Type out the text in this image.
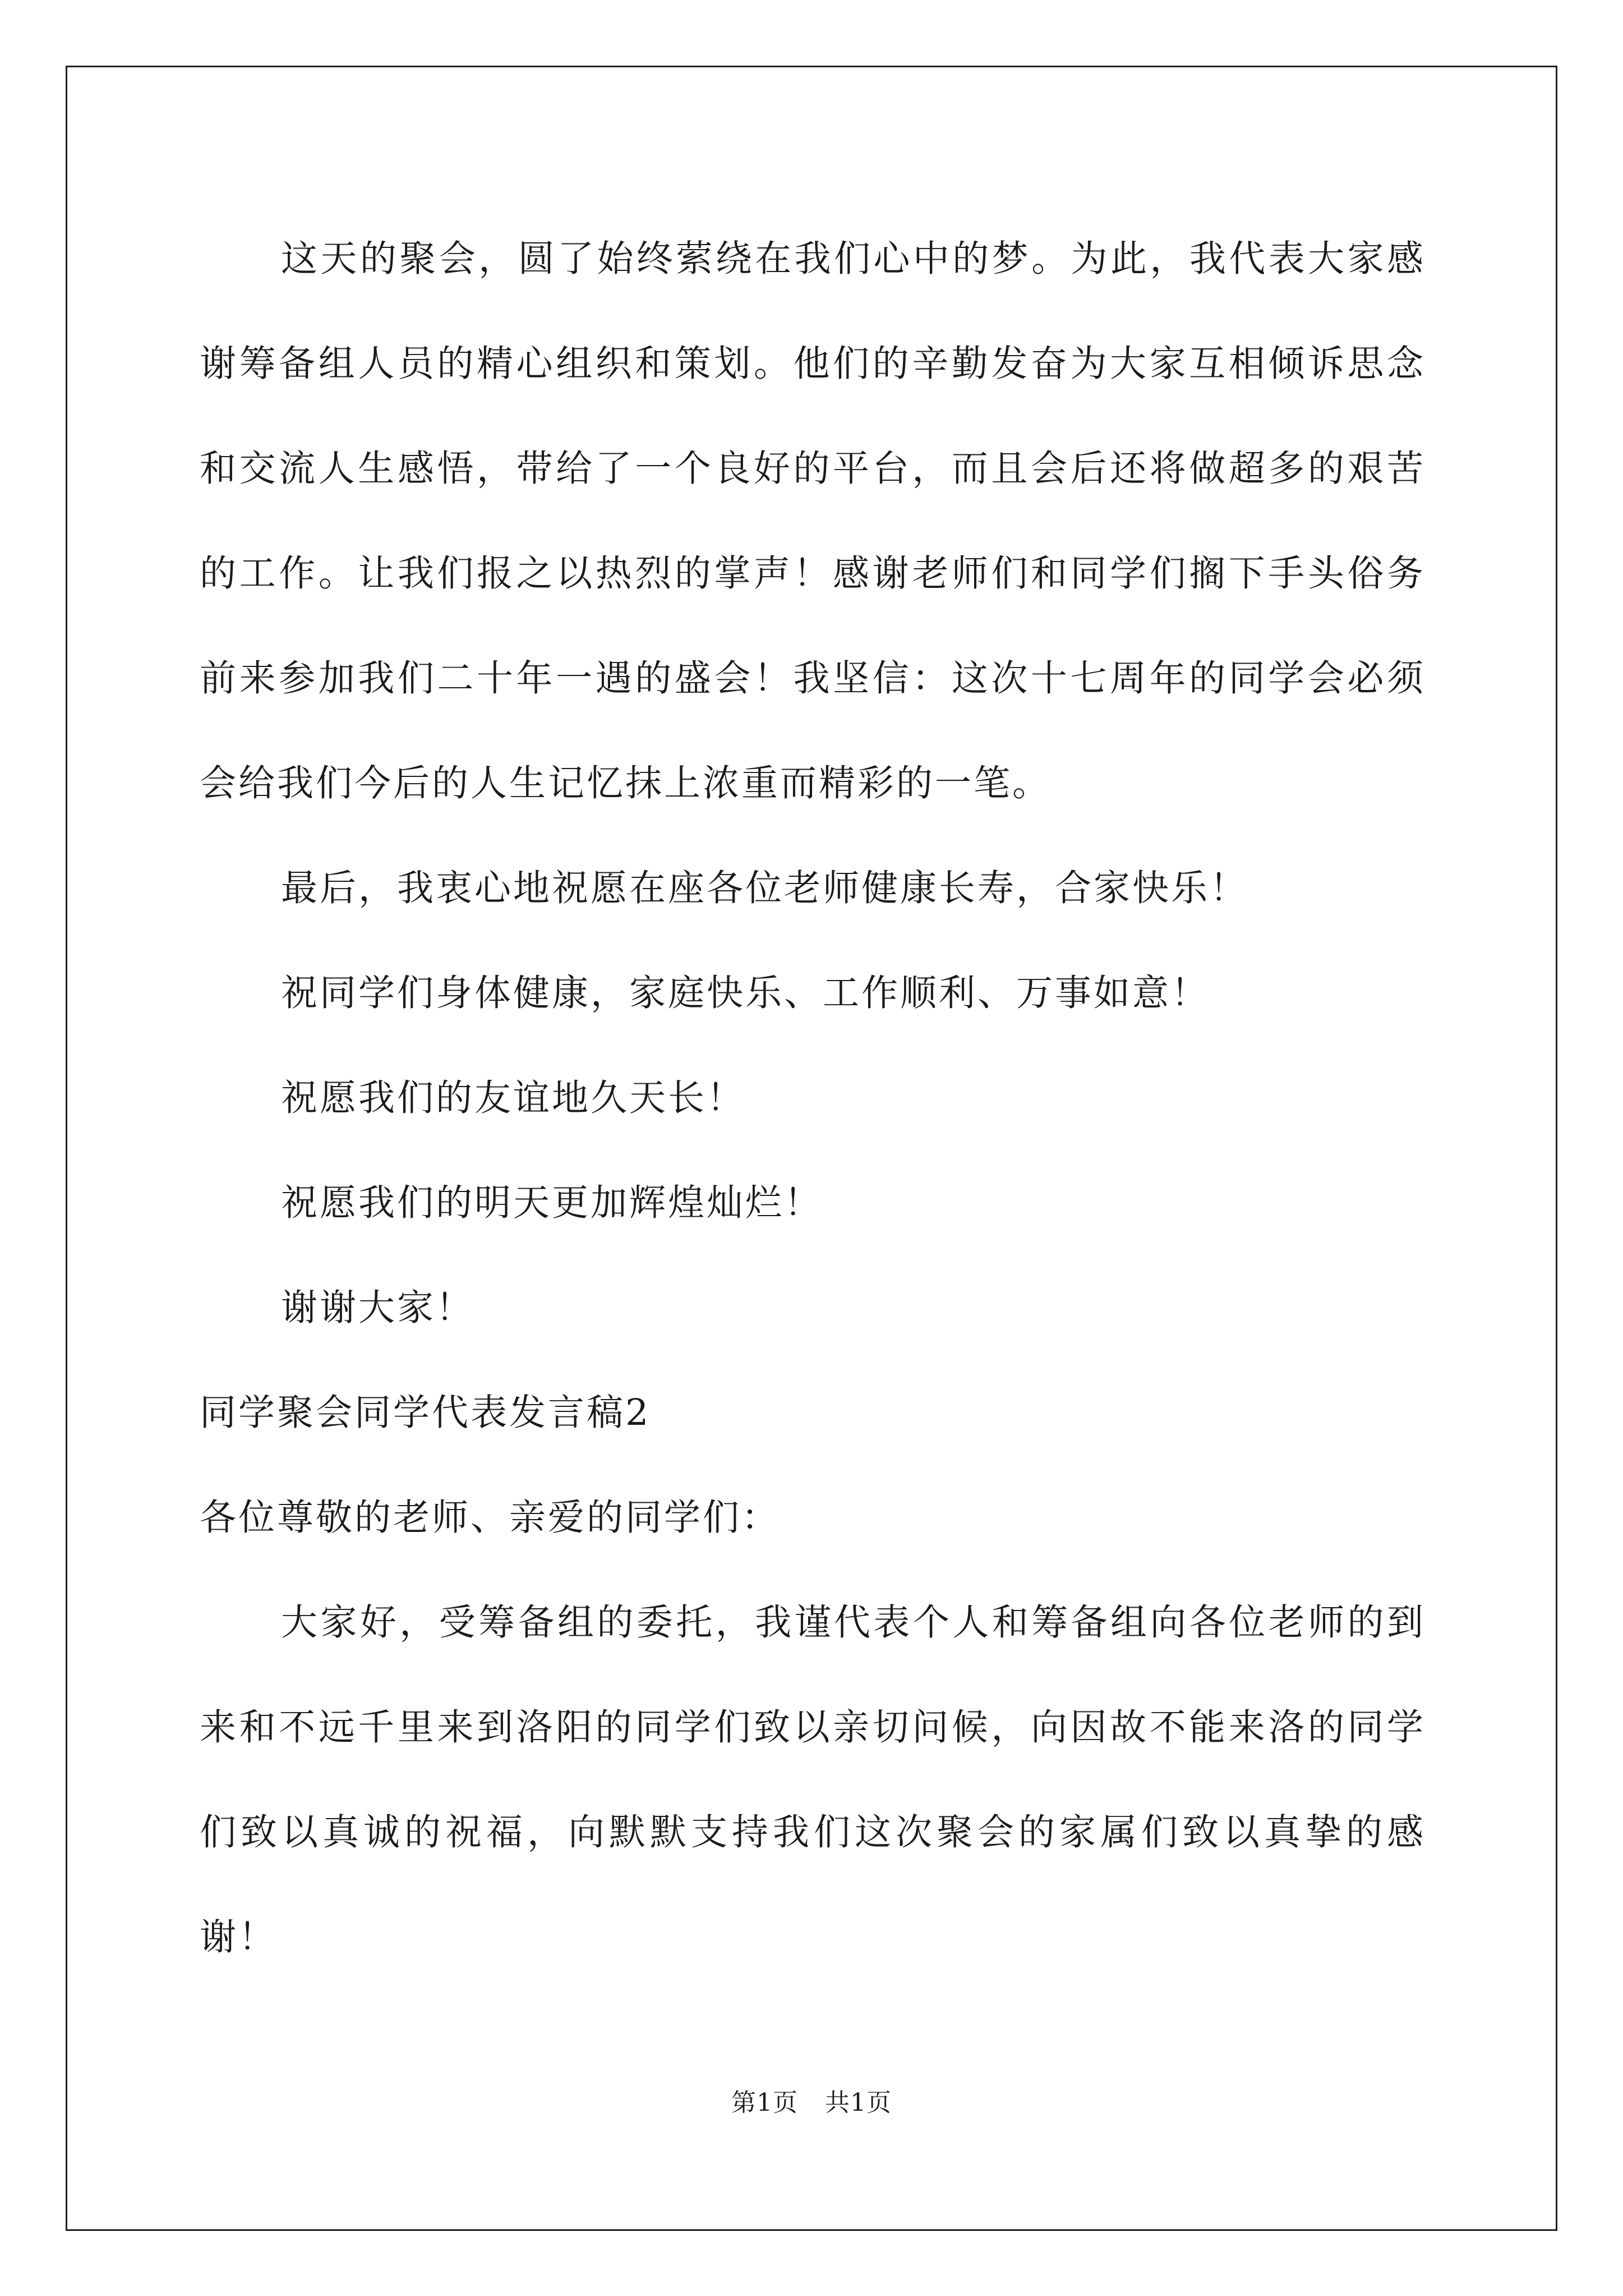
这天的聚会，圆了始终萦绕在我们心中的梦。为此，我代表大家感谢筹备组人员的精心组织和策划。他们的辛勤发奋为大家互相倾诉思念和交流人生感悟，带给了一个良好的平台，而且会后还将做超多的艰苦的工作。让我们报之以热烈的掌声！感谢老师们和同学们搁下手头俗务前来参加我们二十年一遇的盛会！我坚信：这次十七周年的同学会必须会给我们今后的人生记忆抹上浓重而精彩的一笔。

最后，我衷心地祝愿在座各位老师健康长寿，合家快乐！

祝同学们身体健康，家庭快乐、工作顺利、万事如意！

祝愿我们的友谊地久天长！

祝愿我们的明天更加辉煌灿烂！

谢谢大家！

同学聚会同学代表发言稿2

各位尊敬的老师、亲爱的同学们：

大家好，受筹备组的委托，我谨代表个人和筹备组向各位老师的到来和不远千里来到洛阳的同学们致以亲切问候，向因故不能来洛的同学们致以真诚的祝福，向默默支持我们这次聚会的家属们致以真挚的感谢！

第1页 共1页
